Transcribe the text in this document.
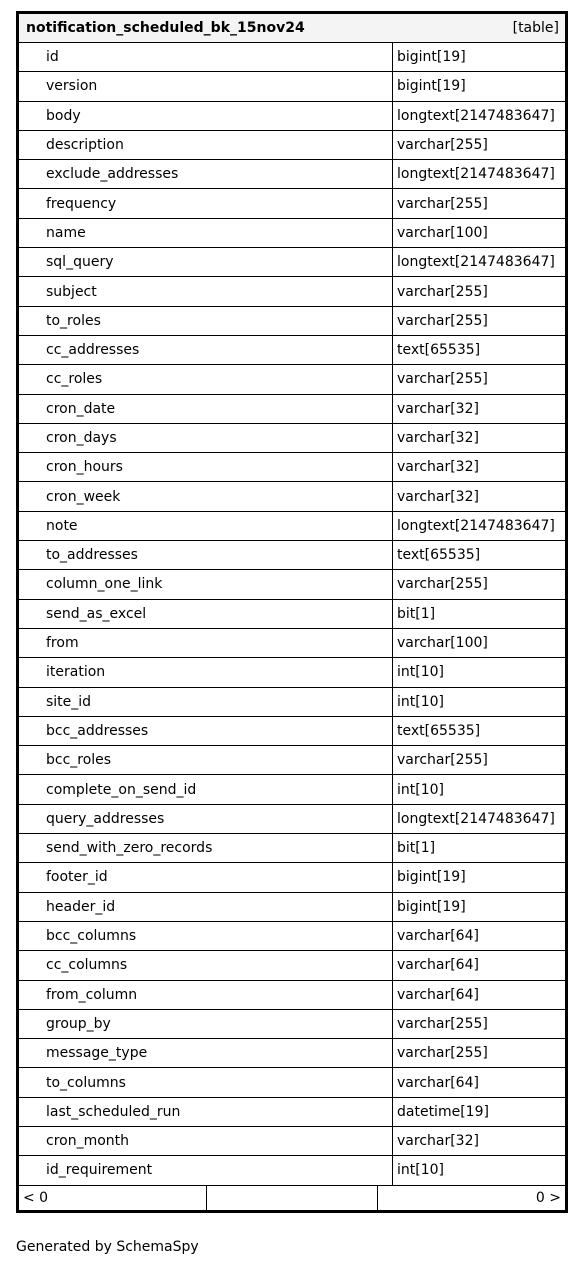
notification_scheduled_bk_15nov24	[table]
id	bigint[19]
version	bigint[19]
body	longtext[2147483647]
description	varchar[255]
exclude_addresses	longtext[2147483647]
frequency	varchar[255]
name	varchar[100]
sql_query	longtext[2147483647]
subject	varchar[255]
to_roles	varchar[255]
cc_addresses	text[65535]
cc_roles	varchar[255]
cron_date	varchar[32]
cron_days	varchar[32]
cron_hours	varchar[32]
cron_week	varchar[32]
note	longtext[2147483647]
to_addresses	text[65535]
column_one_link	varchar[255]
send_as_excel	bit[1]
from	varchar[100]
iteration	int[10]
site_id	int[10]
bcc_addresses	text[65535]
bcc_roles	varchar[255]
complete_on_send_id	int[10]
query_addresses	longtext[2147483647]
send_with_zero_records	bit[1]
footer_id	bigint[19]
header_id	bigint[19]
bcc_columns	varchar[64]
cc_columns	varchar[64]
from_column	varchar[64]
group_by	varchar[255]
message_type	varchar[255]
to_columns	varchar[64]
last_scheduled_run	datetime[19]
cron_month	varchar[32]
id_requirement	int[10]
< 0	0 >
Generated by SchemaSpy
